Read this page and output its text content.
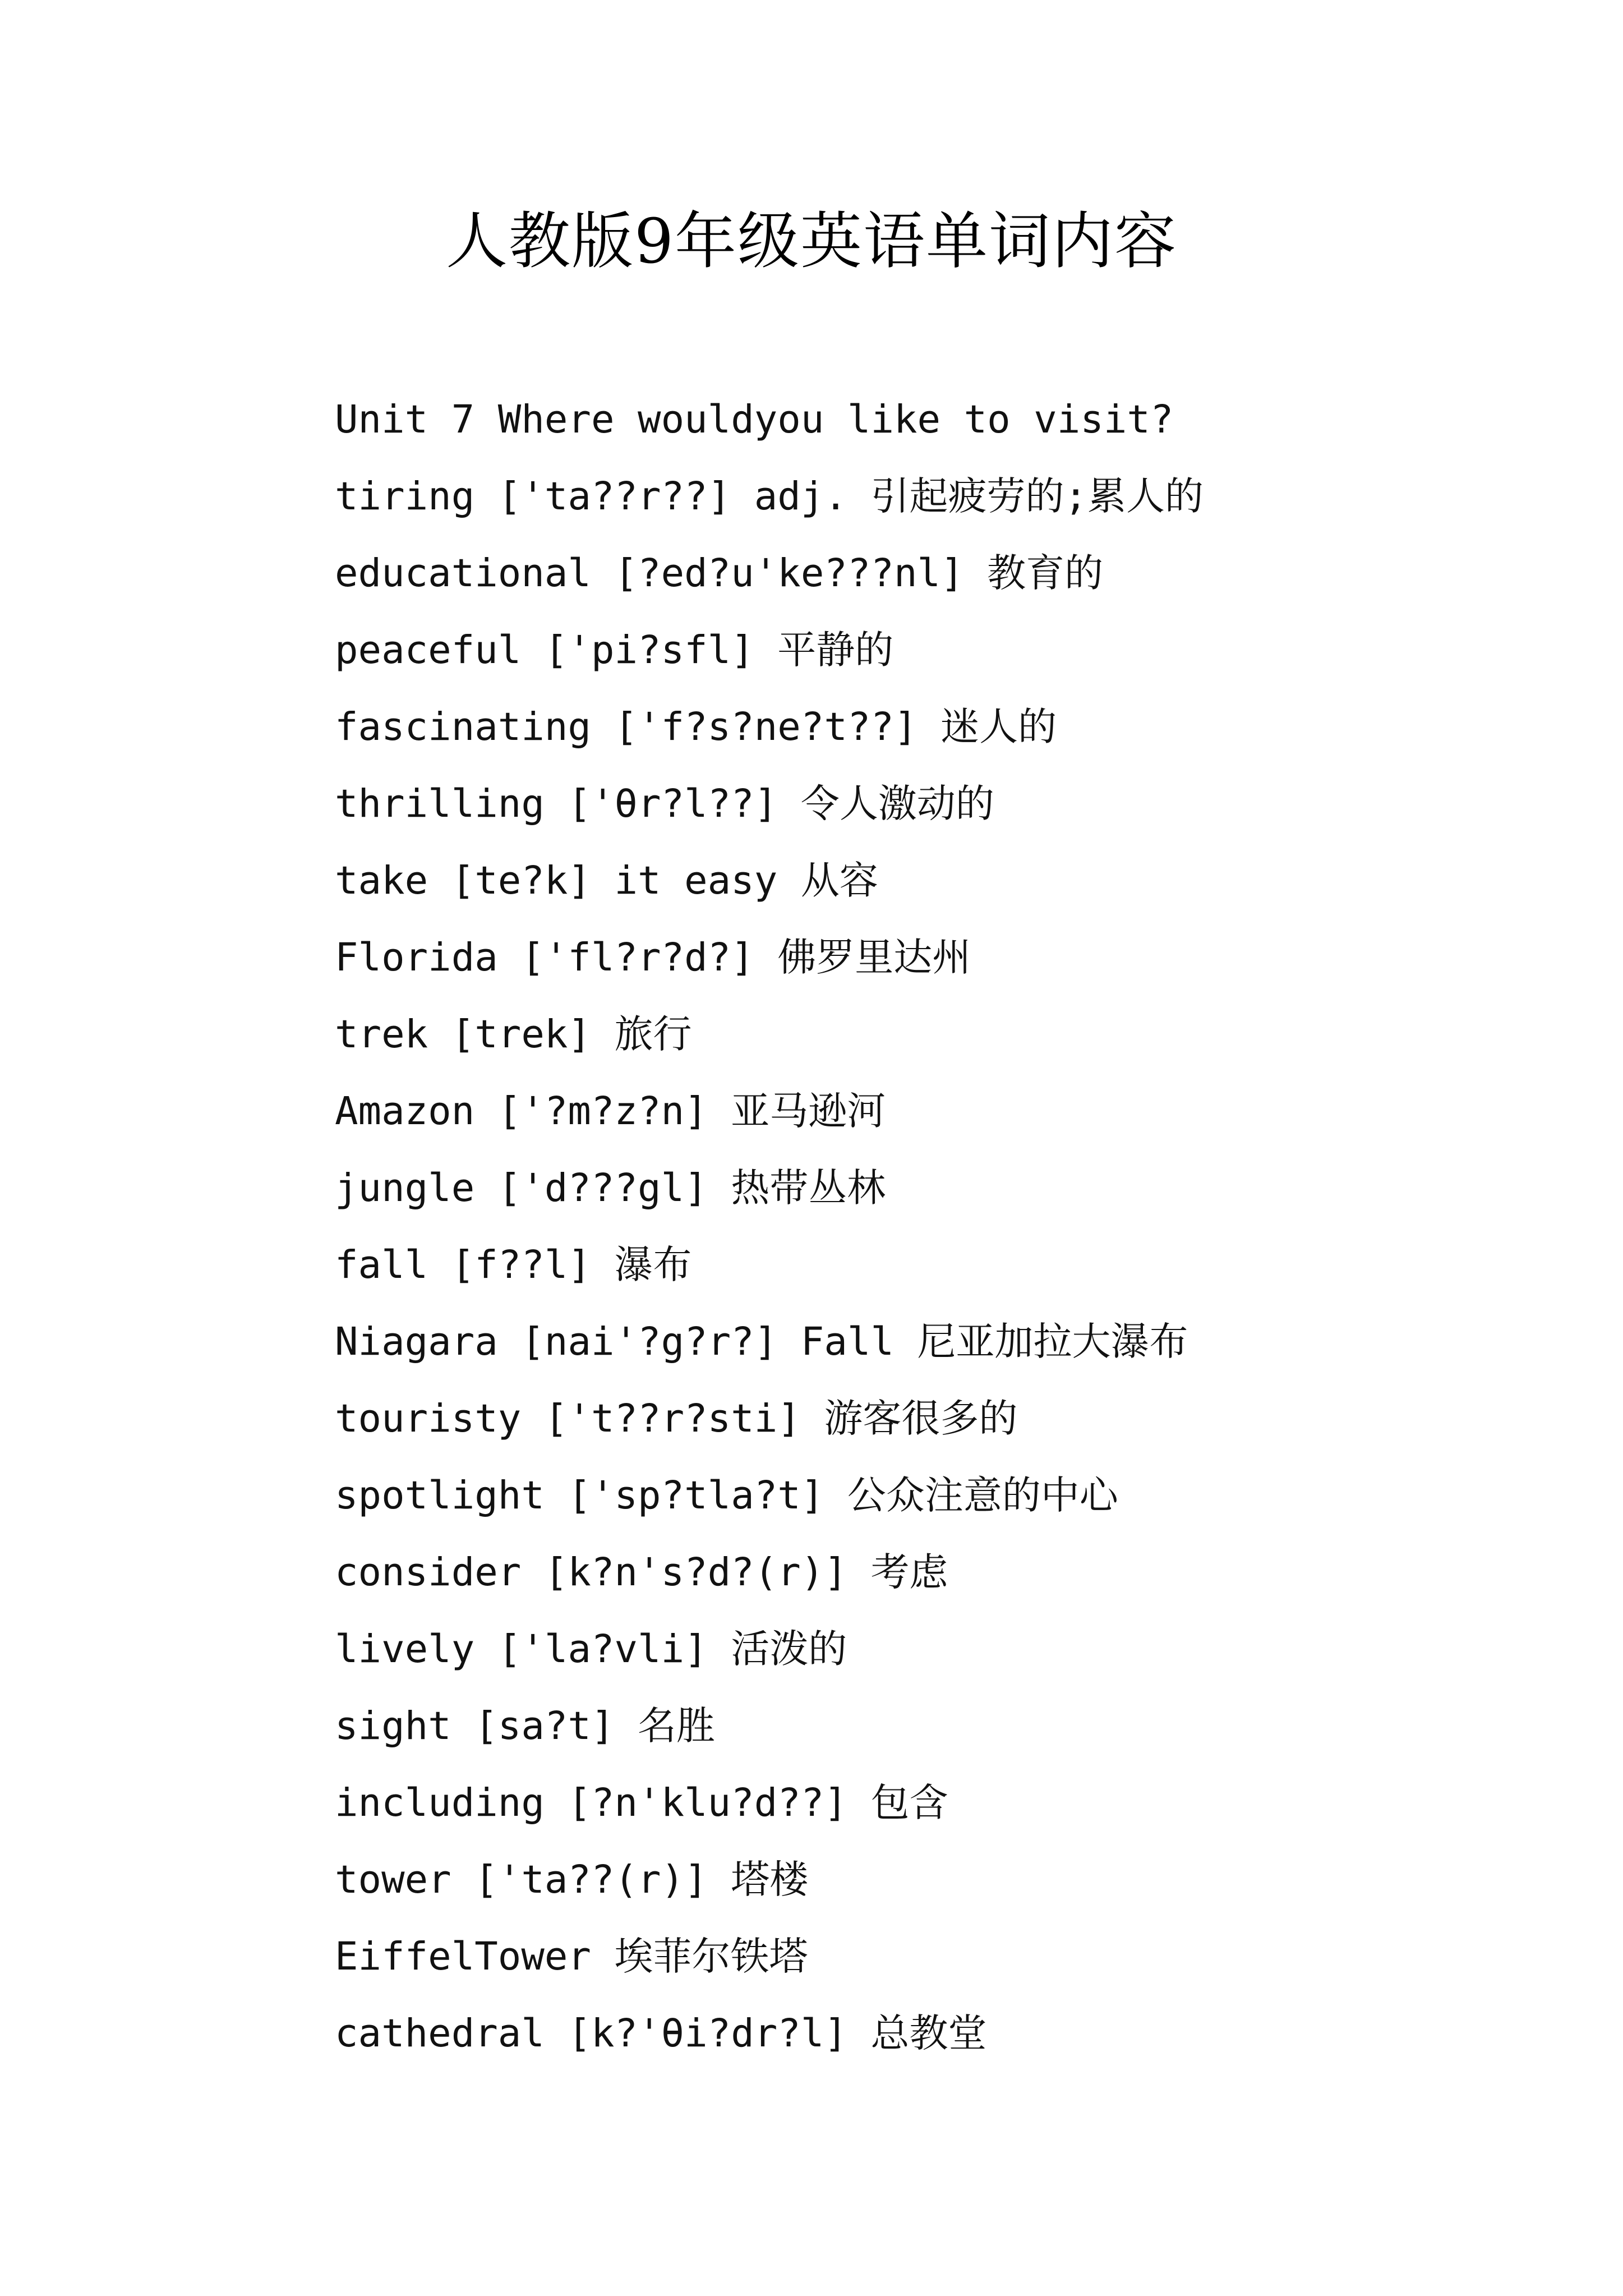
人教版9年级英语单词内容
Unit 7 Where wouldyou like to visit?
tiring ['ta??r??] adj. 引起疲劳的;累人的
educational [?ed?u'ke???nl] 教育的
peaceful ['pi?sfl] 平静的
fascinating ['f?s?ne?t??] 迷人的
thrilling ['θr?l??] 令人激动的
take [te?k] it easy 从容
Florida ['fl?r?d?] 佛罗里达州
trek [trek] 旅行
Amazon ['?m?z?n] 亚马逊河
jungle ['d???gl] 热带丛林
fall [f??l] 瀑布
Niagara [nai'?g?r?] Fall 尼亚加拉大瀑布
touristy ['t??r?sti] 游客很多的
spotlight ['sp?tla?t] 公众注意的中心
consider [k?n's?d?(r)] 考虑
lively ['la?vli] 活泼的
sight [sa?t] 名胜
including [?n'klu?d??] 包含
tower ['ta??(r)] 塔楼
EiffelTower 埃菲尔铁塔
cathedral [k?'θi?dr?l] 总教堂
